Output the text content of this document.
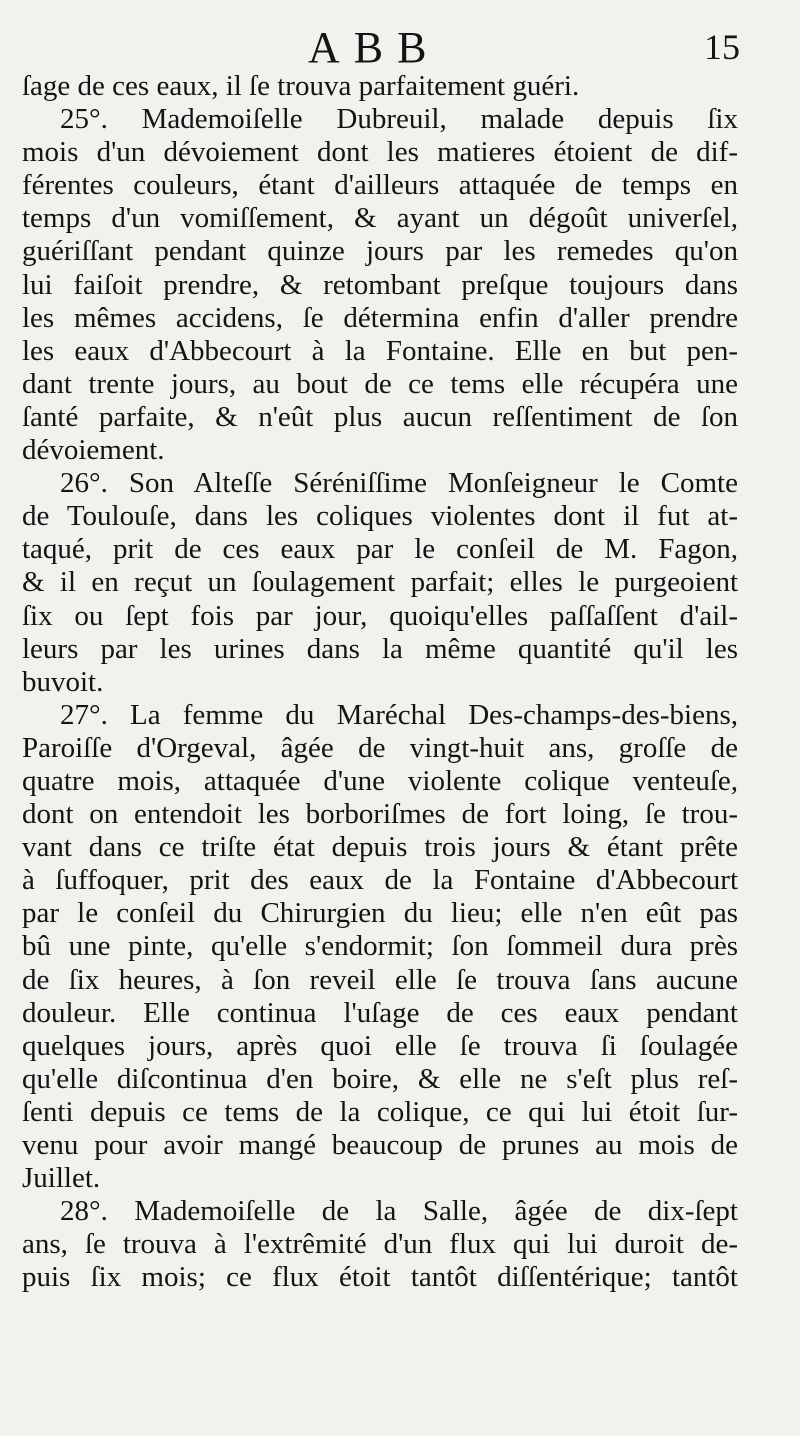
ABB	15
ſage de ces eaux, il ſe trouva parfaitement guéri.
25°. Mademoiſelle Dubreuil, malade depuis ſix
mois d'un dévoiement dont les matieres étoient de dif-
férentes couleurs, étant d'ailleurs attaquée de temps en
temps d'un vomiſſement, & ayant un dégoût univerſel,
guériſſant pendant quinze jours par les remedes qu'on
lui faiſoit prendre, & retombant preſque toujours dans
les mêmes accidens, ſe détermina enfin d'aller prendre
les eaux d'Abbecourt à la Fontaine. Elle en but pen-
dant trente jours, au bout de ce tems elle récupéra une
ſanté parfaite, & n'eût plus aucun reſſentiment de ſon
dévoiement.
26°. Son Alteſſe Séréniſſime Monſeigneur le Comte
de Toulouſe, dans les coliques violentes dont il fut at-
taqué, prit de ces eaux par le conſeil de M. Fagon,
& il en reçut un ſoulagement parfait; elles le purgeoient
ſix ou ſept fois par jour, quoiqu'elles paſſaſſent d'ail-
leurs par les urines dans la même quantité qu'il les
buvoit.
27°. La femme du Maréchal Des-champs-des-biens,
Paroiſſe d'Orgeval, âgée de vingt-huit ans, groſſe de
quatre mois, attaquée d'une violente colique venteuſe,
dont on entendoit les borboriſmes de fort loing, ſe trou-
vant dans ce triſte état depuis trois jours & étant prête
à ſuffoquer, prit des eaux de la Fontaine d'Abbecourt
par le conſeil du Chirurgien du lieu; elle n'en eût pas
bû une pinte, qu'elle s'endormit; ſon ſommeil dura près
de ſix heures, à ſon reveil elle ſe trouva ſans aucune
douleur. Elle continua l'uſage de ces eaux pendant
quelques jours, après quoi elle ſe trouva ſi ſoulagée
qu'elle diſcontinua d'en boire, & elle ne s'eſt plus reſ-
ſenti depuis ce tems de la colique, ce qui lui étoit ſur-
venu pour avoir mangé beaucoup de prunes au mois de
Juillet.
28°. Mademoiſelle de la Salle, âgée de dix-ſept
ans, ſe trouva à l'extrêmité d'un flux qui lui duroit de-
puis ſix mois; ce flux étoit tantôt diſſentérique; tantôt
